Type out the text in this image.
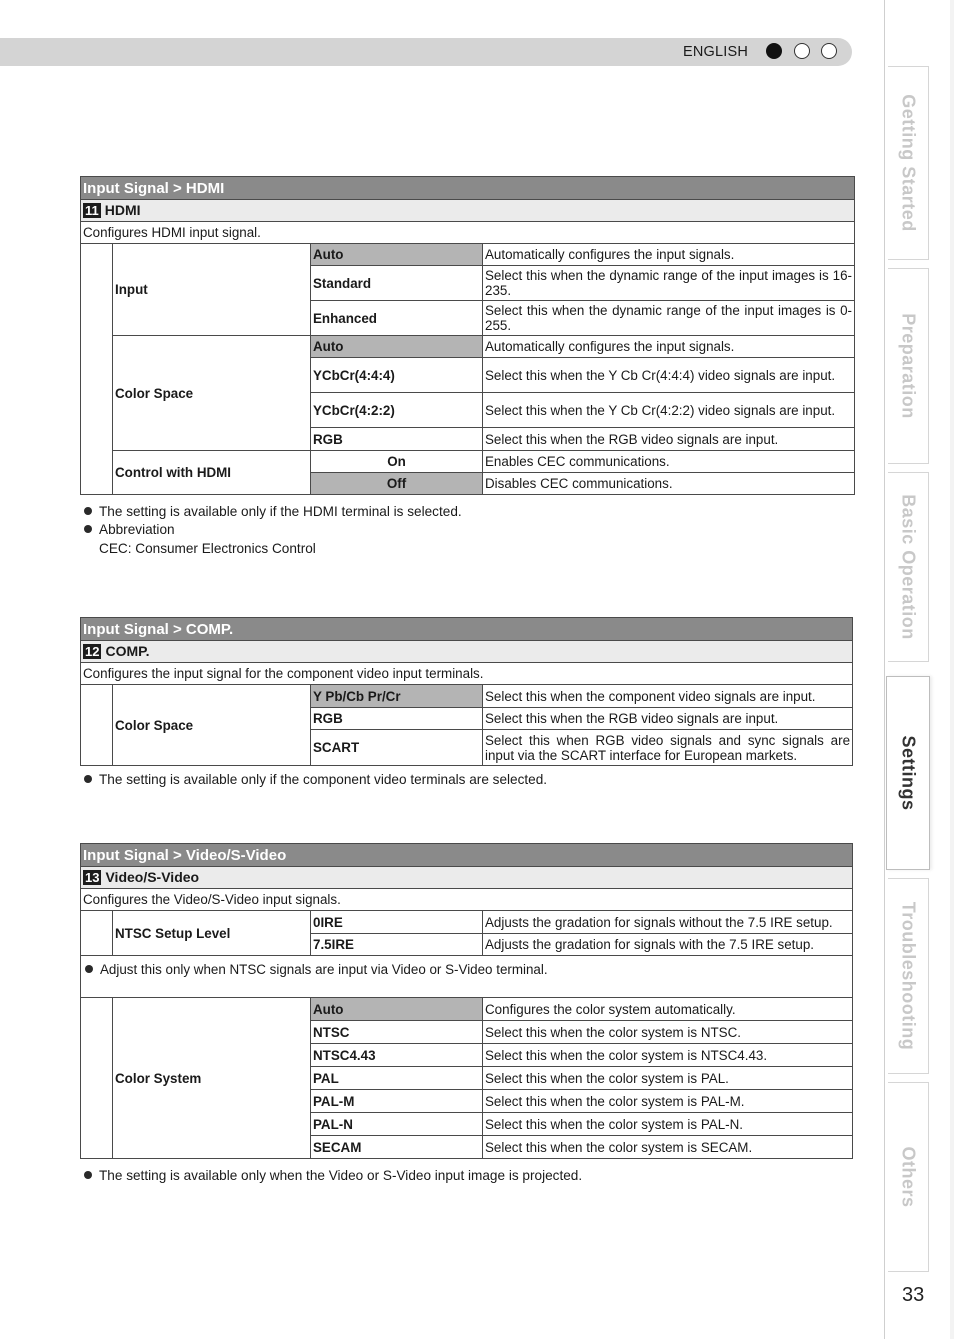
ENGLISH
Getting Started
Preparation
Basic Operation
Settings
Troubleshooting
Others
33
Input Signal > HDMI			
11 HDMI			
Configures HDMI input signal.			
	Input	Auto	Automatically configures the input signals.
		Standard	Select this when the dynamic range of the input images is 16-235.
		Enhanced	Select this when the dynamic range of the input images is 0-255.
	Color Space	Auto	Automatically configures the input signals.
		YCbCr(4:4:4)	Select this when the Y Cb Cr(4:4:4) video signals are input.
		YCbCr(4:2:2)	Select this when the Y Cb Cr(4:2:2) video signals are input.
		RGB	Select this when the RGB video signals are input.
	Control with HDMI	On	Enables CEC communications.
		Off	Disables CEC communications.
The setting is available only if the HDMI terminal is selected.
Abbreviation
CEC: Consumer Electronics Control
Input Signal > COMP.			
12 COMP.			
Configures the input signal for the component video input terminals.			
	Color Space	Y Pb/Cb Pr/Cr	Select this when the component video signals are input.
		RGB	Select this when the RGB video signals are input.
		SCART	Select this when RGB video signals and sync signals are input via the SCART interface for European markets.
The setting is available only if the component video terminals are selected.
Input Signal > Video/S-Video			
13 Video/S-Video			
Configures the Video/S-Video input signals.			
	NTSC Setup Level	0IRE	Adjusts the gradation for signals without the 7.5 IRE setup.
		7.5IRE	Adjusts the gradation for signals with the 7.5 IRE setup.
Adjust this only when NTSC signals are input via Video or S-Video terminal.			
	Color System	Auto	Configures the color system automatically.
		NTSC	Select this when the color system is NTSC.
		NTSC4.43	Select this when the color system is NTSC4.43.
		PAL	Select this when the color system is PAL.
		PAL-M	Select this when the color system is PAL-M.
		PAL-N	Select this when the color system is PAL-N.
		SECAM	Select this when the color system is SECAM.
The setting is available only when the Video or S-Video input image is projected.
